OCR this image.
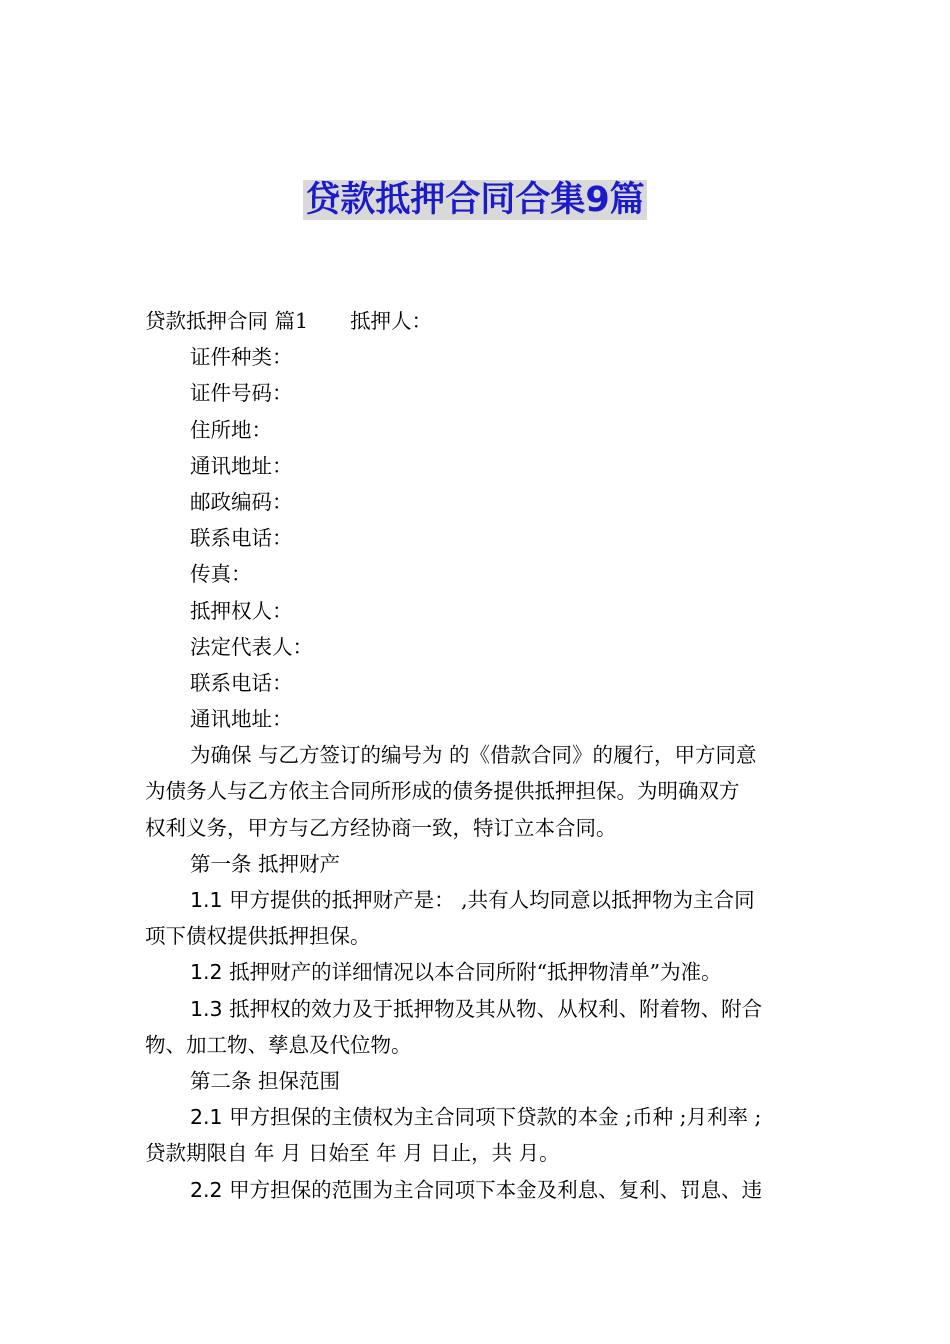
贷款抵押合同合集9篇
贷款抵押合同 篇1 抵押人：
证件种类：
证件号码：
住所地：
通讯地址：
邮政编码：
联系电话：
传真：
抵押权人：
法定代表人：
联系电话：
通讯地址：
为确保 与乙方签订的编号为 的《借款合同》的履行，甲方同意
为债务人与乙方依主合同所形成的债务提供抵押担保。为明确双方
权利义务，甲方与乙方经协商一致，特订立本合同。
第一条 抵押财产
1.1 甲方提供的抵押财产是： ,共有人均同意以抵押物为主合同
项下债权提供抵押担保。
1.2 抵押财产的详细情况以本合同所附“抵押物清单”为准。
1.3 抵押权的效力及于抵押物及其从物、从权利、附着物、附合
物、加工物、孳息及代位物。
第二条 担保范围
2.1 甲方担保的主债权为主合同项下贷款的本金 ;币种 ;月利率 ;
贷款期限自 年 月 日始至 年 月 日止，共 月。
2.2 甲方担保的范围为主合同项下本金及利息、复利、罚息、违
